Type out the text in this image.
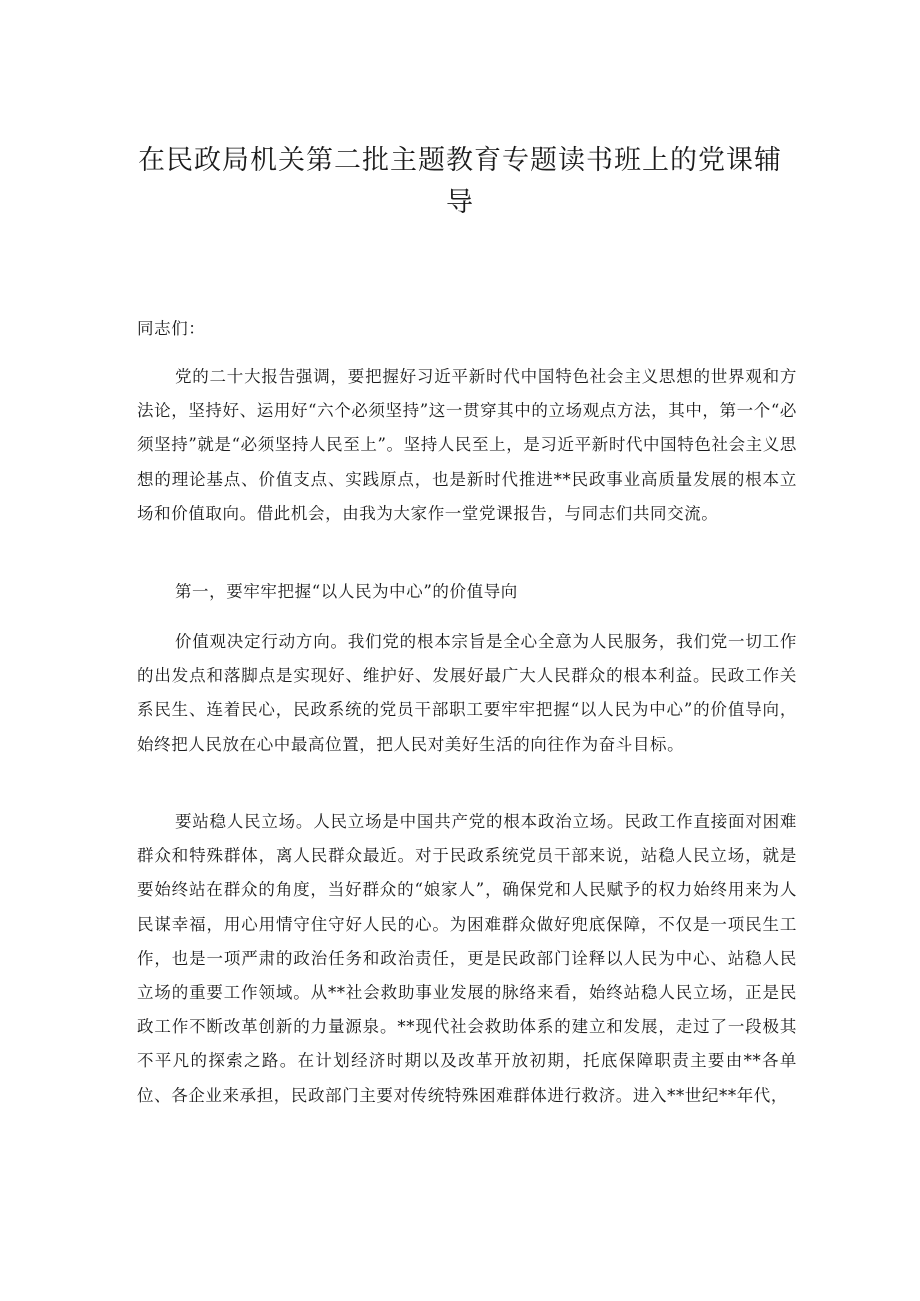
在民政局机关第二批主题教育专题读书班上的党课辅导

同志们：

党的二十大报告强调，要把握好习近平新时代中国特色社会主义思想的世界观和方法论，坚持好、运用好“六个必须坚持”这一贯穿其中的立场观点方法，其中，第一个“必须坚持”就是“必须坚持人民至上”。坚持人民至上，是习近平新时代中国特色社会主义思想的理论基点、价值支点、实践原点，也是新时代推进**民政事业高质量发展的根本立场和价值取向。借此机会，由我为大家作一堂党课报告，与同志们共同交流。

第一，要牢牢把握“以人民为中心”的价值导向

价值观决定行动方向。我们党的根本宗旨是全心全意为人民服务，我们党一切工作的出发点和落脚点是实现好、维护好、发展好最广大人民群众的根本利益。民政工作关系民生、连着民心，民政系统的党员干部职工要牢牢把握“以人民为中心”的价值导向，始终把人民放在心中最高位置，把人民对美好生活的向往作为奋斗目标。

要站稳人民立场。人民立场是中国共产党的根本政治立场。民政工作直接面对困难群众和特殊群体，离人民群众最近。对于民政系统党员干部来说，站稳人民立场，就是要始终站在群众的角度，当好群众的“娘家人”，确保党和人民赋予的权力始终用来为人民谋幸福，用心用情守住守好人民的心。为困难群众做好兜底保障，不仅是一项民生工作，也是一项严肃的政治任务和政治责任，更是民政部门诠释以人民为中心、站稳人民立场的重要工作领域。从**社会救助事业发展的脉络来看，始终站稳人民立场，正是民政工作不断改革创新的力量源泉。**现代社会救助体系的建立和发展，走过了一段极其不平凡的探索之路。在计划经济时期以及改革开放初期，托底保障职责主要由**各单位、各企业来承担，民政部门主要对传统特殊困难群体进行救济。进入**世纪**年代，
